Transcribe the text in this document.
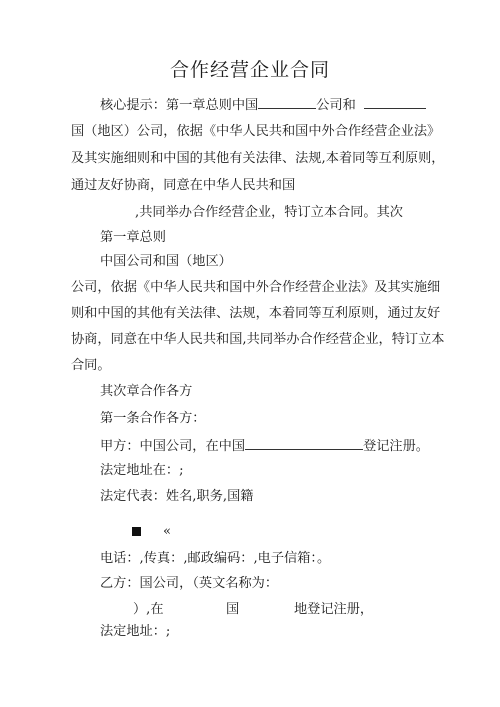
合作经营企业合同
核心提示：第一章总则中国	公司和
国（地区）公司，依据《中华人民共和国中外合作经营企业法》
及其实施细则和中国的其他有关法律、法规,本着同等互利原则，
通过友好协商，同意在中华人民共和国
,共同举办合作经营企业，特订立本合同。其次
第一章总则
中国公司和国（地区）
公司，依据《中华人民共和国中外合作经营企业法》及其实施细
则和中国的其他有关法律、法规，本着同等互利原则，通过友好
协商，同意在中华人民共和国,共同举办合作经营企业，特订立本
合同。
其次章合作各方
第一条合作各方：
甲方：中国公司，在中国	登记注册。
法定地址在：;
法定代表：姓名,职务,国籍
«
电话：,传真：,邮政编码：,电子信箱：。
乙方：国公司，（英文名称为：
）,在	国	地登记注册，
法定地址：;
